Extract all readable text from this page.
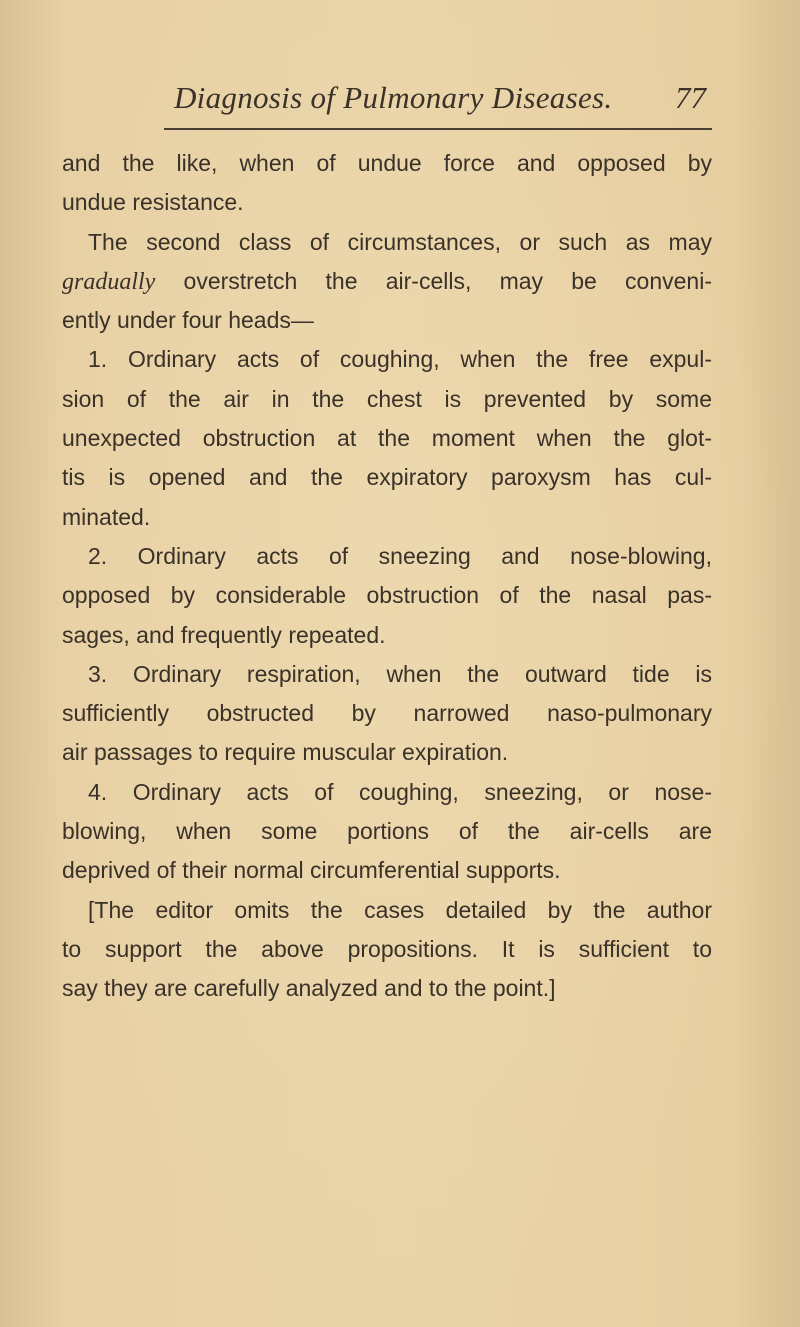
Diagnosis of Pulmonary Diseases. 77
and the like, when of undue force and opposed by
undue resistance.
The second class of circumstances, or such as may
gradually overstretch the air-cells, may be conveni-
ently under four heads—
1. Ordinary acts of coughing, when the free expul-
sion of the air in the chest is prevented by some
unexpected obstruction at the moment when the glot-
tis is opened and the expiratory paroxysm has cul-
minated.
2. Ordinary acts of sneezing and nose-blowing,
opposed by considerable obstruction of the nasal pas-
sages, and frequently repeated.
3. Ordinary respiration, when the outward tide is
sufficiently obstructed by narrowed naso-pulmonary
air passages to require muscular expiration.
4. Ordinary acts of coughing, sneezing, or nose-
blowing, when some portions of the air-cells are
deprived of their normal circumferential supports.
[The editor omits the cases detailed by the author
to support the above propositions. It is sufficient to
say they are carefully analyzed and to the point.]
